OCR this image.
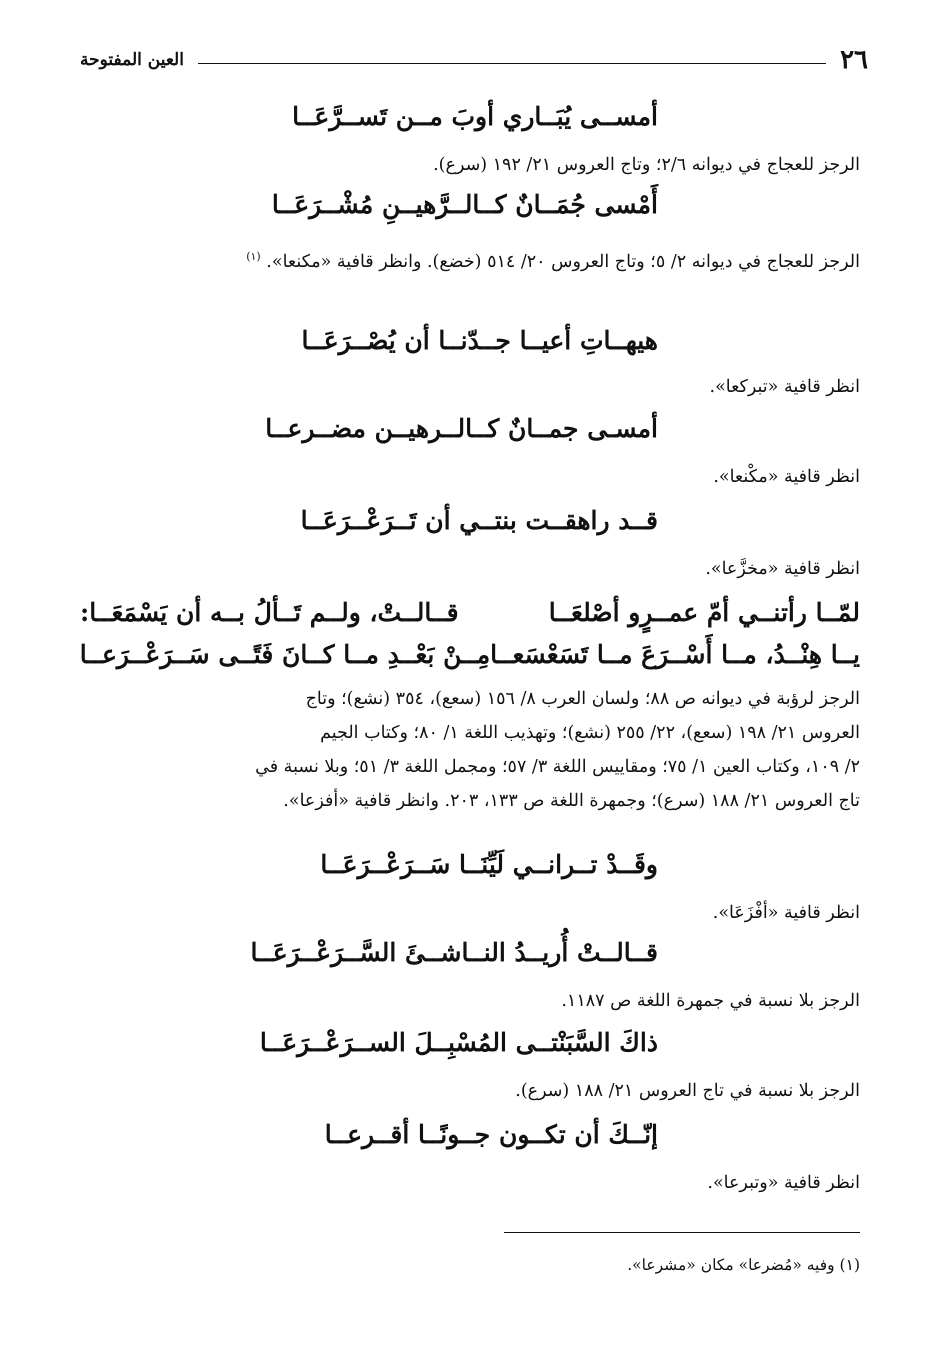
٢٦
العين المفتوحة
أمســى يُبَــاري أوبَ مــن تَســرَّعَــا
الرجز للعجاج في ديوانه ٢/٦؛ وتاج العروس ٢١/ ١٩٢ (سرع).
أَمْسى جُمَــانٌ كــالــرَّهيــنِ مُشْــرَعَــا
الرجز للعجاج في ديوانه ٢/ ٥؛ وتاج العروس ٢٠/ ٥١٤ (خضع). وانظر قافية «مكنعا». $^{(١)}$
هيهــاتِ أعيــا جــدّنــا أن يُصْــرَعَــا
انظر قافية «تبركعا».
أمسـى جمــانٌ كــالــرهيــن مضــرعــا
انظر قافية «مكْنعا».
قــد راهقــت بنتــي أن تَــرَعْــرَعَــا
انظر قافية «مخزَّعا».
لمّــا رأتنــي أمّ عمــرٍو أصْلعَــا
قــالــتْ، ولــم تَــألُ بــه أن يَسْمَعَــا:
يــا هِنْــدُ، مــا أَسْــرَعَ مــا تَسَعْسَعــا
مِــنْ بَعْــدِ مــا كــانَ فَتًــى سَــرَعْــرَعــا
الرجز لرؤبة في ديوانه ص ٨٨؛ ولسان العرب ٨/ ١٥٦ (سعع)، ٣٥٤ (نشع)؛ وتاج
العروس ٢١/ ١٩٨ (سعع)، ٢٢/ ٢٥٥ (نشع)؛ وتهذيب اللغة ١/ ٨٠؛ وكتاب الجيم
٢/ ١٠٩، وكتاب العين ١/ ٧٥؛ ومقاييس اللغة ٣/ ٥٧؛ ومجمل اللغة ٣/ ٥١؛ وبلا نسبة في
تاج العروس ٢١/ ١٨٨ (سرع)؛ وجمهرة اللغة ص ١٣٣، ٢٠٣. وانظر قافية «أفزعا».
وقَــدْ تــرانــي لَيِّنَــا سَــرَعْــرَعَــا
انظر قافية «أفْزَعَا».
قــالــتْ أُريــدُ النــاشــئَ السَّــرَعْــرَعَــا
الرجز بلا نسبة في جمهرة اللغة ص ١١٨٧.
ذاكَ السَّبَنْتــى المُسْبِــلَ الســرَعْــرَعَــا
الرجز بلا نسبة في تاج العروس ٢١/ ١٨٨ (سرع).
إنّــكَ أن تكــون جــونًــا أقــرعــا
انظر قافية «وتبرعا».
(١) وفيه «مُضرعا» مكان «مشرعا».
